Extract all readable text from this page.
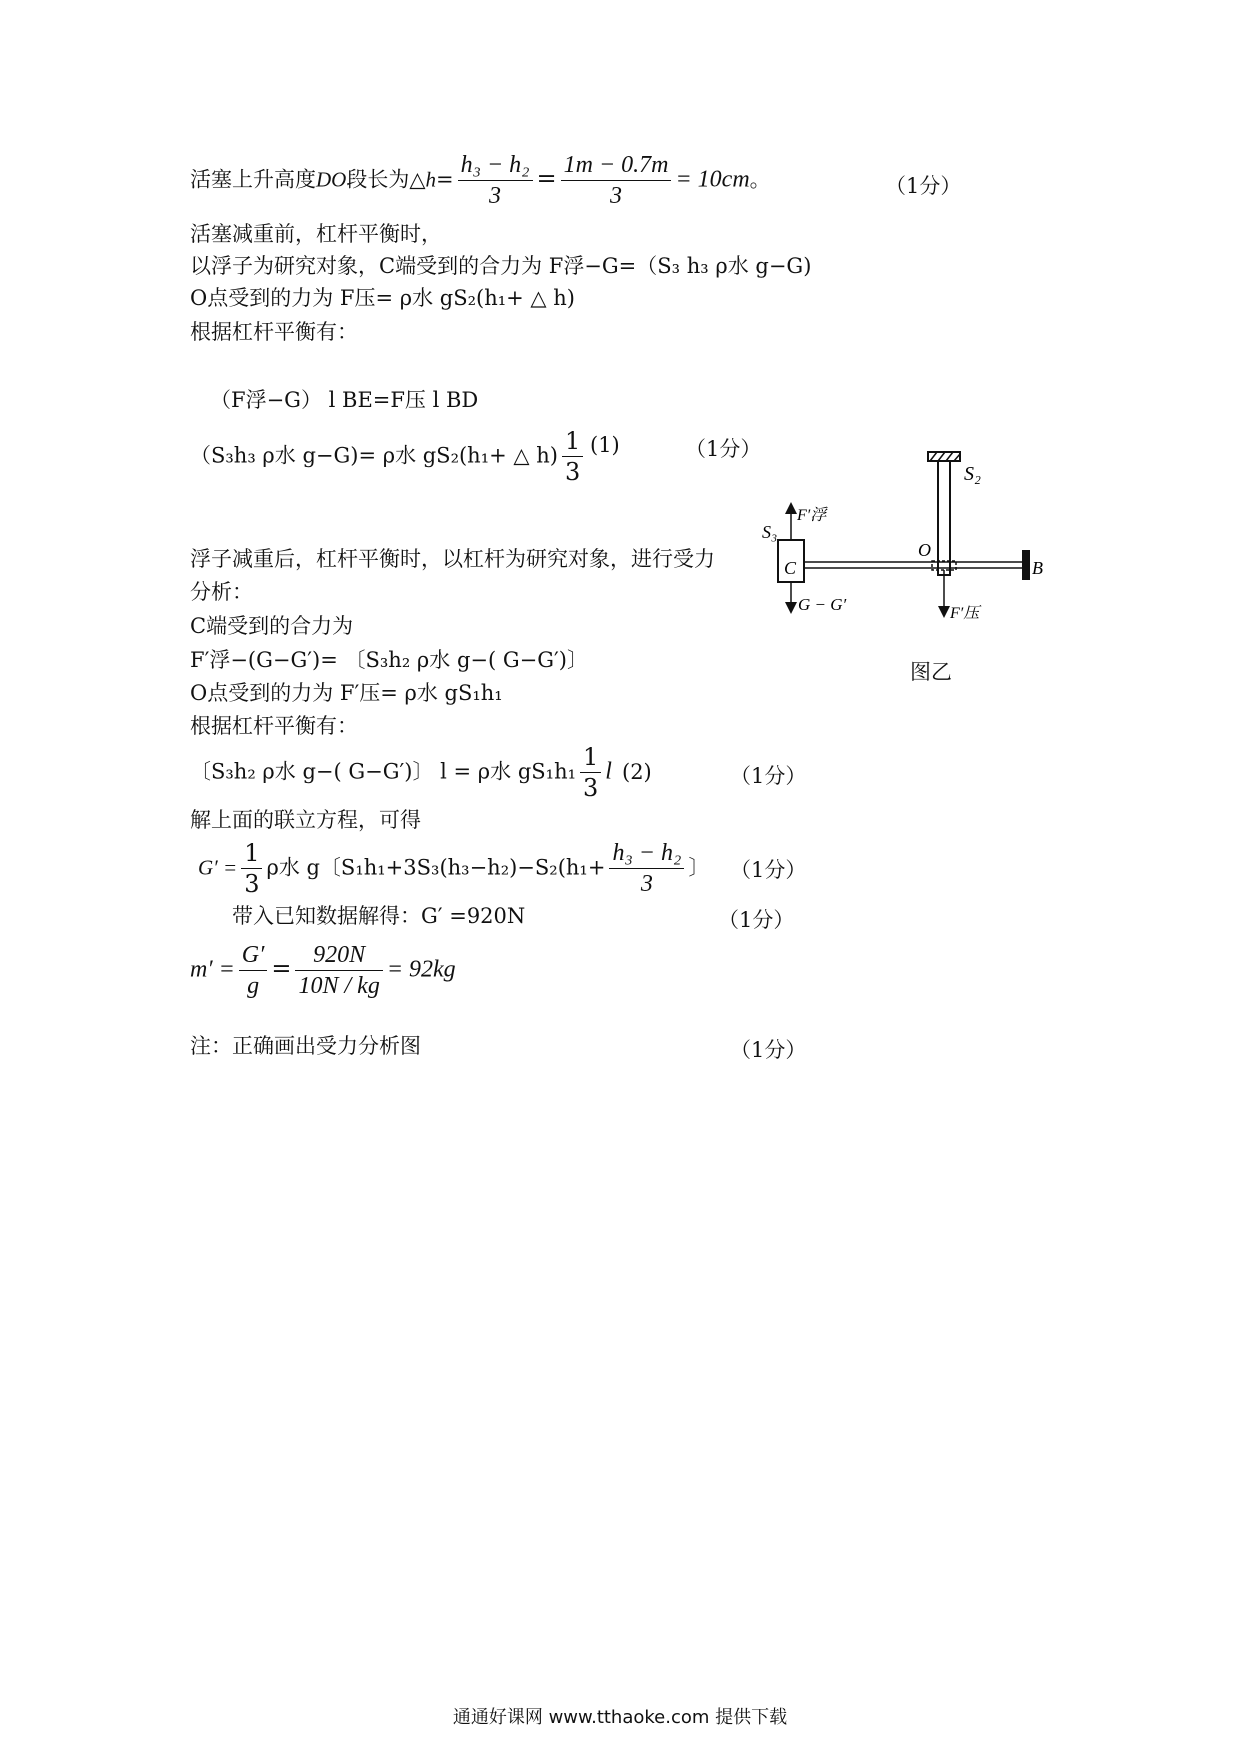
活塞上升高度DO段长为△h= $\frac{\text{h₃ − h₂}}{3} = \frac{1m - 0.7m}{3} = 10cm$。	（1分）
活塞减重前，杠杆平衡时，
以浮子为研究对象，C端受到的合力为 F浮−G=（S₃ h₃ ρ水 g−G)
O点受到的力为 F压= ρ水 gS₂(h₁+ △ h)
根据杠杆平衡有：
（F浮−G） l BE=F压 l BD
（S₃h₃ ρ水 g−G)= ρ水 gS₂(h₁+ △ $h) \frac{1}{3} (1)$	（1分）
浮子减重后，杠杆平衡时，以杠杆为研究对象，进行受力
分析：
C端受到的合力为
F′浮−(G−G′)= 〔S₃h₂ ρ水 g−( G−G′)〕
O点受到的力为 F′压= ρ水 gS₁h₁
根据杠杆平衡有：
〔S₃h₂ ρ水 g−( G−G′)〕 l = ρ水 $gS_1h_1 \frac{1}{3}$ l (2)	（1分）
解上面的联立方程，可得
$G' = \frac{1}{3}$ ρ水 g〔$S_1h_1+3S_3(h_3-h_2)-S_2(h_1+ \frac{\text{h₃ − h₂}}{3}$ 〕 （1分）
带入已知数据解得：G′ =920N	（1分）
$m' = \frac{G'}{g} = \frac{920N}{10N / kg} = 92kg$
注：正确画出受力分析图	（1分）
S₂
S₃
F′浮
C
O
B
G − G′	F′压
图乙
通通好课网 www.tthaoke.com 提供下载
